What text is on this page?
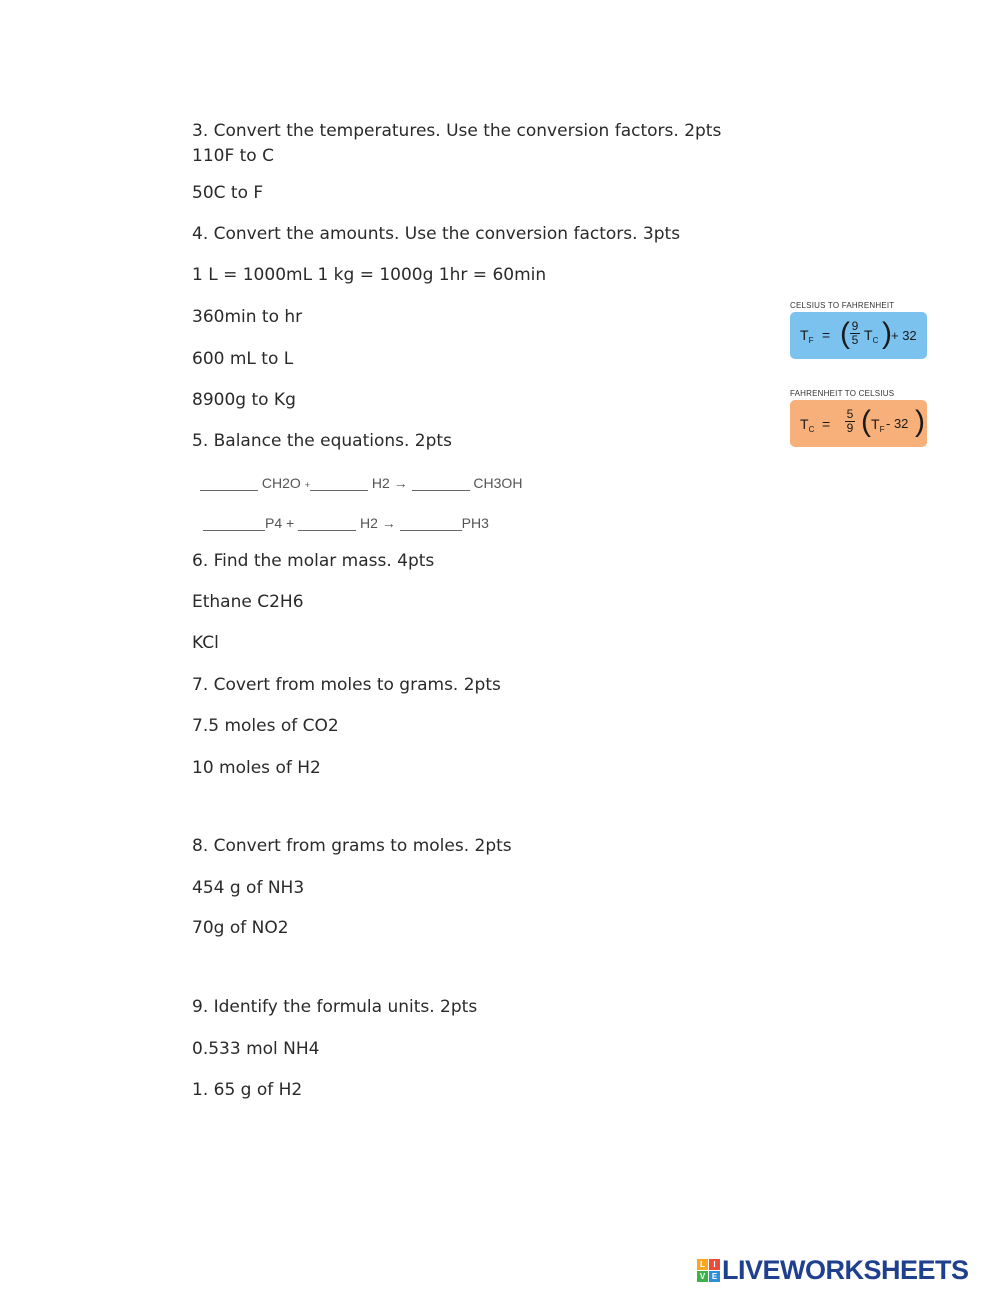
3. Convert the temperatures. Use the conversion factors. 2pts
110F to C
50C to F
4. Convert the amounts. Use the conversion factors. 3pts
1 L = 1000mL 1 kg = 1000g 1hr = 60min
360min to hr
600 mL to L
8900g to Kg
5. Balance the equations. 2pts
CH2O +	H2 →	CH3OH
P4 +	H2 →	PH3
6. Find the molar mass. 4pts
Ethane C2H6
KCl
7. Covert from moles to grams. 2pts
7.5 moles of CO2
10 moles of H2
8. Convert from grams to moles. 2pts
454 g of NH3
70g of NO2
9. Identify the formula units. 2pts
0.533 mol NH4
1. 65 g of H2
CELSIUS TO FAHRENHEIT
$T_F$ = ( 9
5 $T_C$ ) + 32
FAHRENHEIT TO CELSIUS
$T_C$ =
5
9 ( $T_F - 32$ )
L	I
V E LIVEWORKSHEETS
